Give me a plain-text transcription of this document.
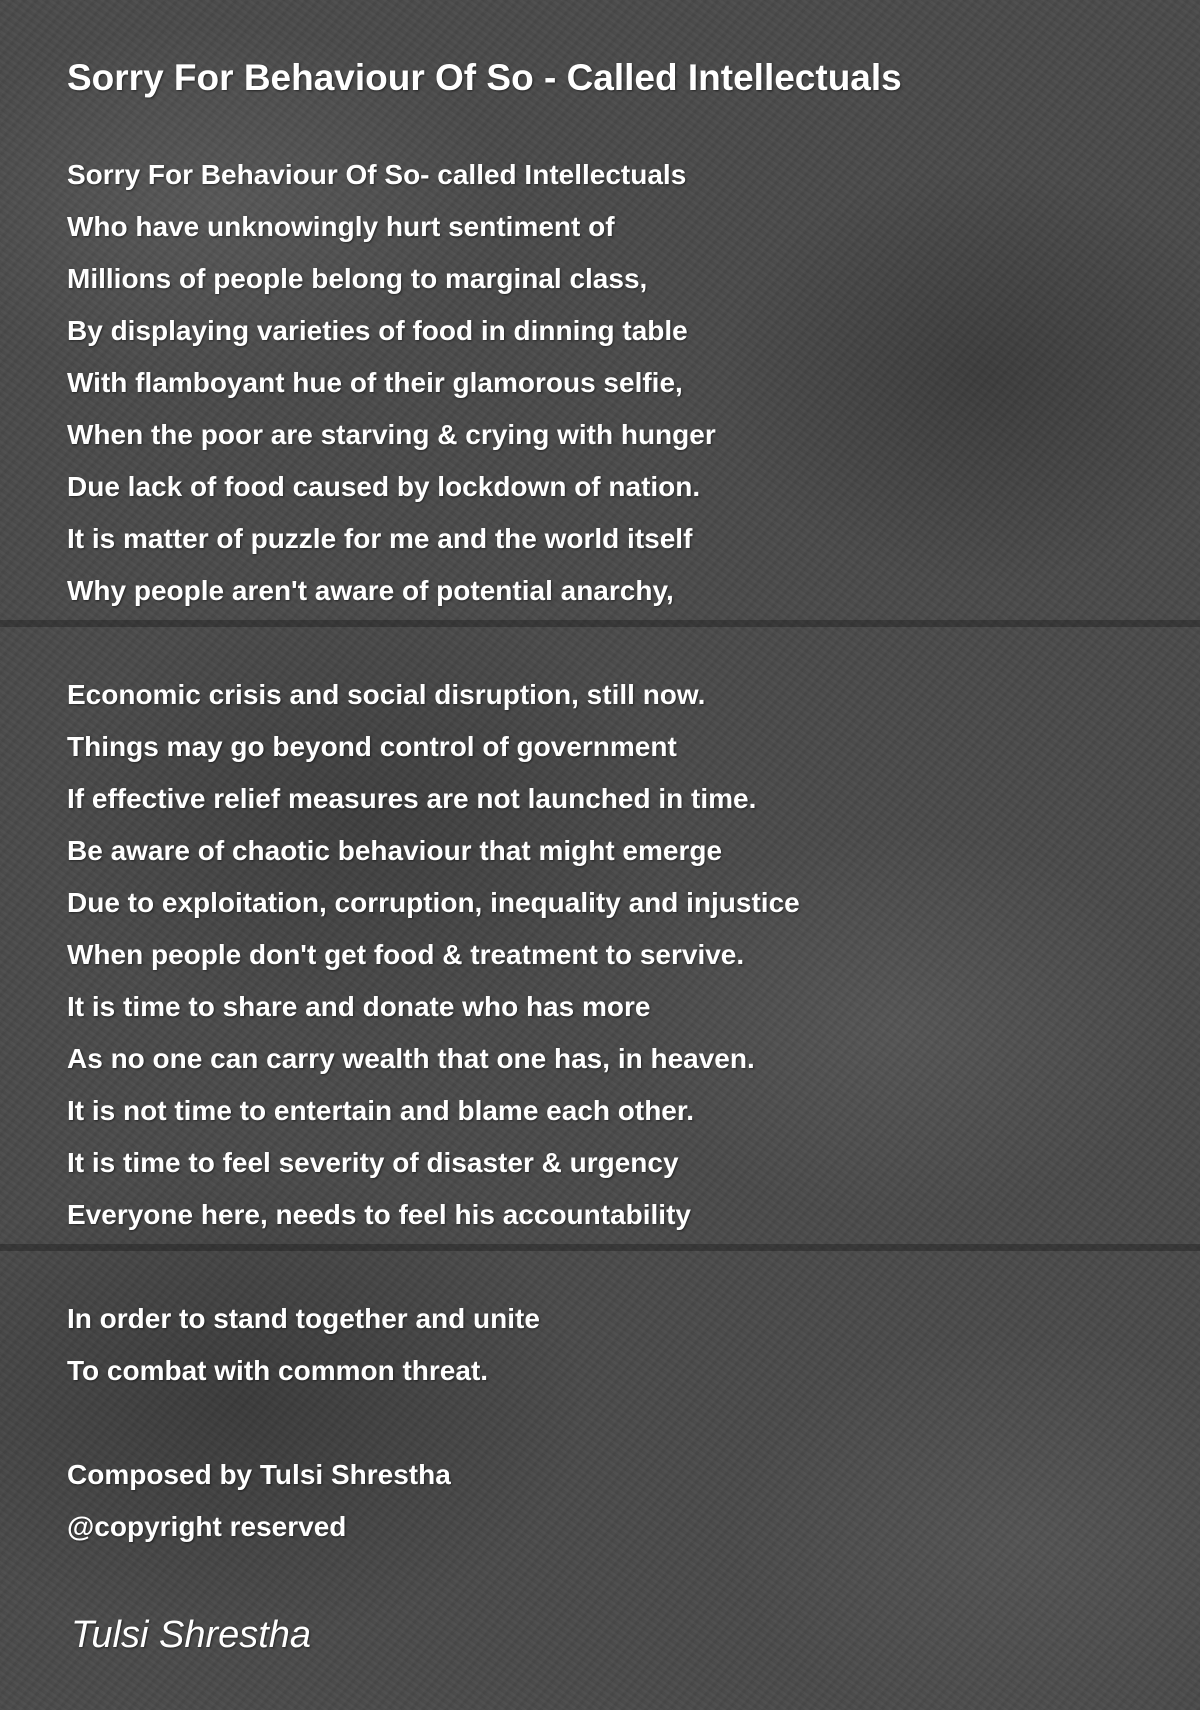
Sorry For Behaviour Of So - Called Intellectuals
Sorry For Behaviour Of So- called Intellectuals
Who have unknowingly hurt sentiment of
Millions of people belong to marginal class,
By displaying varieties of food in dinning table
With flamboyant hue of their glamorous selfie,
When the poor are starving & crying with hunger
Due lack of food caused by lockdown of nation.
It is matter of puzzle for me and the world itself
Why people aren't aware of potential anarchy,
Economic crisis and social disruption, still now.
Things may go beyond control of government
If effective relief measures are not launched in time.
Be aware of chaotic behaviour that might emerge
Due to exploitation, corruption, inequality and injustice
When people don't get food & treatment to servive.
It is time to share and donate who has more
As no one can carry wealth that one has, in heaven.
It is not time to entertain and blame each other.
It is time to feel severity of disaster & urgency
Everyone here, needs to feel his accountability
In order to stand together and unite
To combat with common threat.
Composed by Tulsi Shrestha
@copyright reserved
Tulsi Shrestha
